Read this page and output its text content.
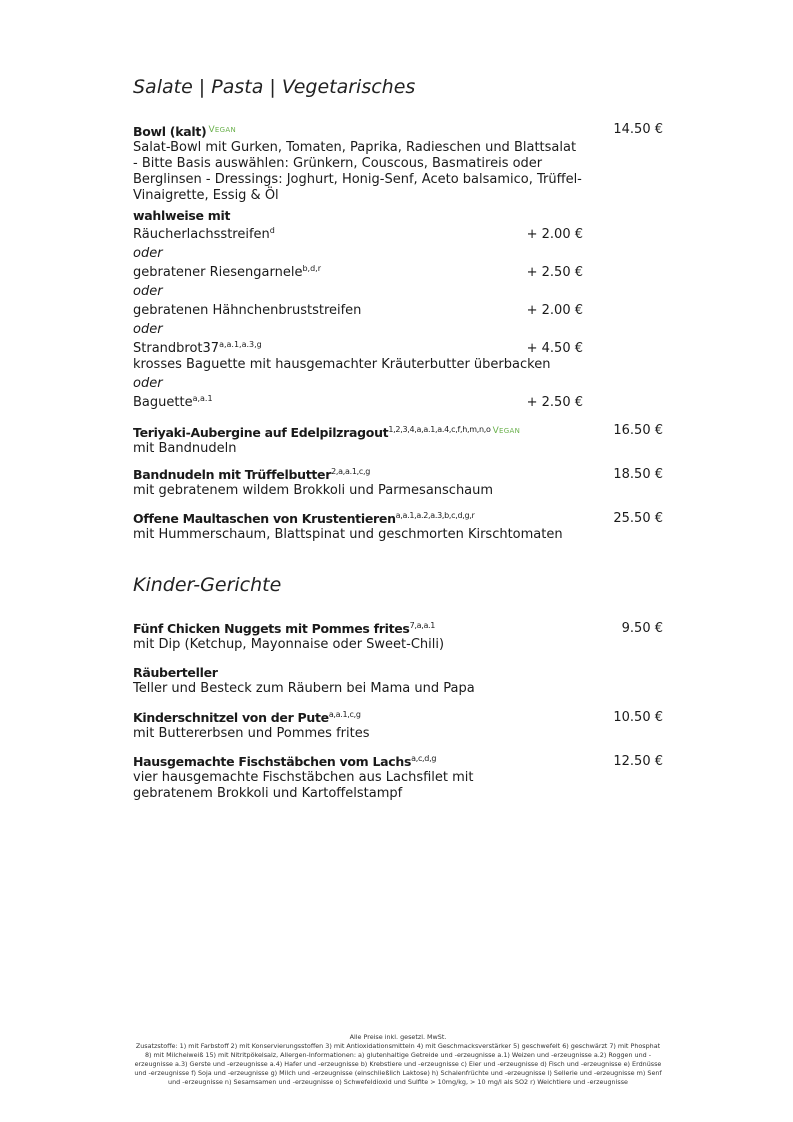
Salate | Pasta | Vegetarisches
Bowl (kalt) $^{VEGAN}$
Salat-Bowl mit Gurken, Tomaten, Paprika, Radieschen und Blattsalat - Bitte Basis auswählen: Grünkern, Couscous, Basmatireis oder Berglinsen - Dressings: Joghurt, Honig-Senf, Aceto balsamico, Trüffel-Vinaigrette, Essig & Öl
14.50 €
wahlweise mit
Räucherlachsstreifen$^d$	+ 2.00 €
oder
gebratener Riesengarnele$^{b,d,r}$	+ 2.50 €
oder
gebratenen Hähnchenbruststreifen	+ 2.00 €
oder
$Strandbrot37^{a,a.1,a.3,g}$	+ 4.50 €
krosses Baguette mit hausgemachter Kräuterbutter überbacken
oder
Baguette$^{a,a.1}$	+ 2.50 €
Teriyaki-Aubergine auf Edelpilzragout$^{1,2,3,4,a,a.1,a.4,c,f,h,m,n,o}$ $^{VEGAN}$
mit Bandnudeln
16.50 €
Bandnudeln mit Trüffelbutter$^{2,a,a.1,c,g}$
mit gebratenem wildem Brokkoli und Parmesanschaum
18.50 €
Offene Maultaschen von Krustentieren$^{a,a.1,a.2,a.3,b,c,d,g,r}$
mit Hummerschaum, Blattspinat und geschmorten Kirschtomaten
25.50 €
Kinder-Gerichte
Fünf Chicken Nuggets mit Pommes frites$^{7,a,a.1}$
mit Dip (Ketchup, Mayonnaise oder Sweet-Chili)
9.50 €
Räuberteller
Teller und Besteck zum Räubern bei Mama und Papa
Kinderschnitzel von der Pute$^{a,a.1,c,g}$
mit Buttererbsen und Pommes frites
10.50 €
Hausgemachte Fischstäbchen vom Lachs$^{a,c,d,g}$
vier hausgemachte Fischstäbchen aus Lachsfilet mit gebratenem Brokkoli und Kartoffelstampf
12.50 €
Alle Preise inkl. gesetzl. MwSt.
Zusatzstoffe: 1) mit Farbstoff 2) mit Konservierungsstoffen 3) mit Antioxidationsmitteln 4) mit Geschmacksverstärker 5) geschwefelt 6) geschwärzt 7) mit Phosphat 8) mit Milcheiweiß 15) mit Nitritpökelsalz, Allergen-Informationen: a) glutenhaltige Getreide und -erzeugnisse a.1) Weizen und -erzeugnisse a.2) Roggen und -erzeugnisse a.3) Gerste und -erzeugnisse a.4) Hafer und -erzeugnisse b) Krebstiere und -erzeugnisse c) Eier und -erzeugnisse d) Fisch und -erzeugnisse e) Erdnüsse und -erzeugnisse f) Soja und -erzeugnisse g) Milch und -erzeugnisse (einschließlich Laktose) h) Schalenfrüchte und -erzeugnisse l) Sellerie und -erzeugnisse m) Senf und -erzeugnisse n) Sesamsamen und -erzeugnisse o) Schwefeldioxid und Sulfite > 10mg/kg, > 10 mg/l als SO2 r) Weichtiere und -erzeugnisse
